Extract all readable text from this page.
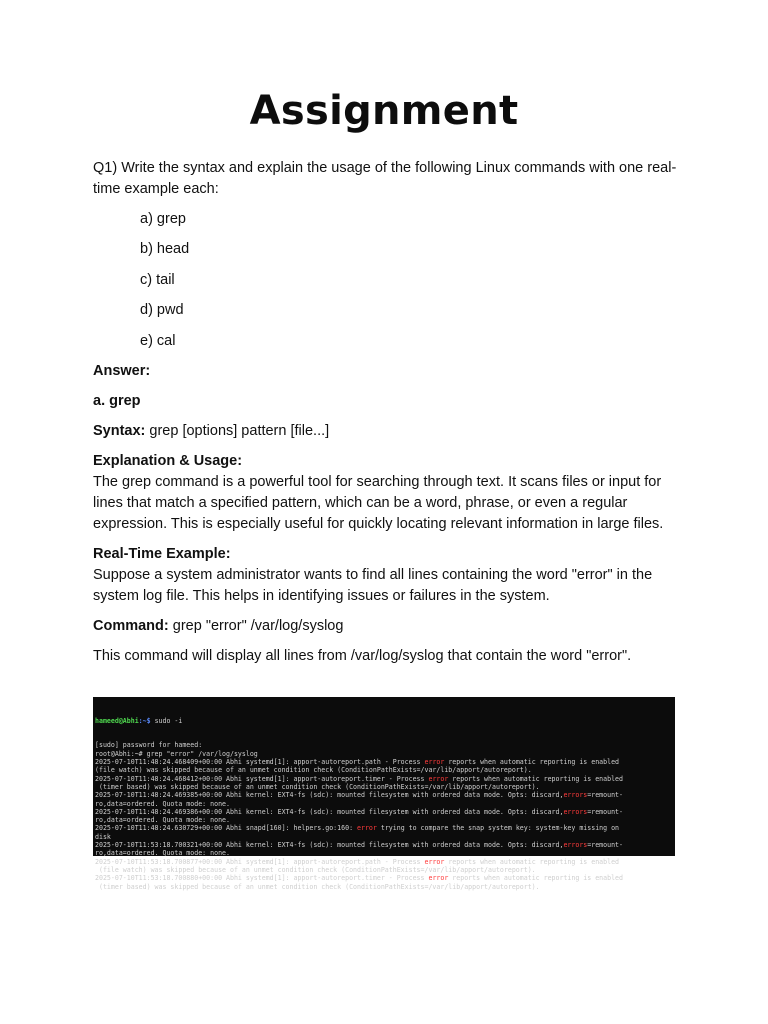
Assignment

Q1) Write the syntax and explain the usage of the following Linux commands with one real-time example each:

a) grep
b) head
c) tail
d) pwd
e) cal

Answer:

a. grep

Syntax: grep [options] pattern [file...]

Explanation & Usage:
The grep command is a powerful tool for searching through text. It scans files or input for lines that match a specified pattern, which can be a word, phrase, or even a regular expression. This is especially useful for quickly locating relevant information in large files.
Real-Time Example:
Suppose a system administrator wants to find all lines containing the word "error" in the system log file. This helps in identifying issues or failures in the system.

Command: grep "error" /var/log/syslog

This command will display all lines from /var/log/syslog that contain the word "error".

hameed@Abhi:~$ sudo -i

[sudo] password for hameed:
root@Abhi:~# grep "error" /var/log/syslog
2025-07-10T11:48:24.468409+00:00 Abhi systemd[1]: apport-autoreport.path - Process error reports when automatic reporting is enabled
(file watch) was skipped because of an unmet condition check (ConditionPathExists=/var/lib/apport/autoreport).
2025-07-10T11:48:24.468412+00:00 Abhi systemd[1]: apport-autoreport.timer - Process error reports when automatic reporting is enabled
(timer based) was skipped because of an unmet condition check (ConditionPathExists=/var/lib/apport/autoreport).
2025-07-10T11:48:24.469385+00:00 Abhi kernel: EXT4-fs (sdc): mounted filesystem with ordered data mode. Opts: discard,errors=remount-
ro,data=ordered. Quota mode: none.
2025-07-10T11:48:24.469386+00:00 Abhi kernel: EXT4-fs (sdc): mounted filesystem with ordered data mode. Opts: discard,errors=remount-
ro,data=ordered. Quota mode: none.
2025-07-10T11:48:24.630729+00:00 Abhi snapd[160]: helpers.go:160: error trying to compare the snap system key: system-key missing on
disk
2025-07-10T11:53:18.700321+00:00 Abhi kernel: EXT4-fs (sdc): mounted filesystem with ordered data mode. Opts: discard,errors=remount-
ro,data=ordered. Quota mode: none.
2025-07-10T11:53:18.700877+00:00 Abhi systemd[1]: apport-autoreport.path - Process error reports when automatic reporting is enabled
(file watch) was skipped because of an unmet condition check (ConditionPathExists=/var/lib/apport/autoreport).
2025-07-10T11:53:18.700880+00:00 Abhi systemd[1]: apport-autoreport.timer - Process error reports when automatic reporting is enabled
(timer based) was skipped because of an unmet condition check (ConditionPathExists=/var/lib/apport/autoreport).
